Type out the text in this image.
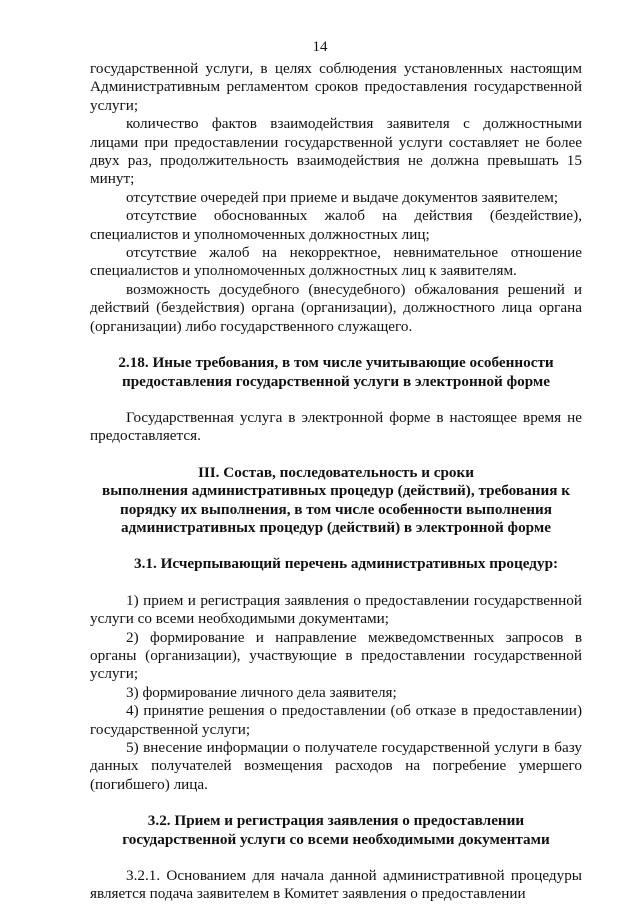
14

государственной услуги, в целях соблюдения установленных настоящим Административным регламентом сроков предоставления государственной услуги;

количество фактов взаимодействия заявителя с должностными лицами при предоставлении государственной услуги составляет не более двух раз, продолжительность взаимодействия не должна превышать 15 минут;

отсутствие очередей при приеме и выдаче документов заявителем;

отсутствие обоснованных жалоб на действия (бездействие), специалистов и уполномоченных должностных лиц;

отсутствие жалоб на некорректное, невнимательное отношение специалистов и уполномоченных должностных лиц к заявителям.

возможность досудебного (внесудебного) обжалования решений и действий (бездействия) органа (организации), должностного лица органа (организации) либо государственного служащего.

2.18. Иные требования, в том числе учитывающие особенности

предоставления государственной услуги в электронной форме

Государственная услуга в электронной форме в настоящее время не предоставляется.

III. Состав, последовательность и сроки

выполнения административных процедур (действий), требования к

порядку их выполнения, в том числе особенности выполнения

административных процедур (действий) в электронной форме

3.1. Исчерпывающий перечень административных процедур:

1) прием и регистрация заявления о предоставлении государственной услуги со всеми необходимыми документами;

2) формирование и направление межведомственных запросов в органы (организации), участвующие в предоставлении государственной услуги;

3) формирование личного дела заявителя;

4) принятие решения о предоставлении (об отказе в предоставлении) государственной услуги;

5) внесение информации о получателе государственной услуги в базу данных получателей возмещения расходов на погребение умершего (погибшего) лица.

3.2. Прием и регистрация заявления о предоставлении

государственной услуги со всеми необходимыми документами

3.2.1. Основанием для начала данной административной процедуры является подача заявителем в Комитет заявления о предоставлении
